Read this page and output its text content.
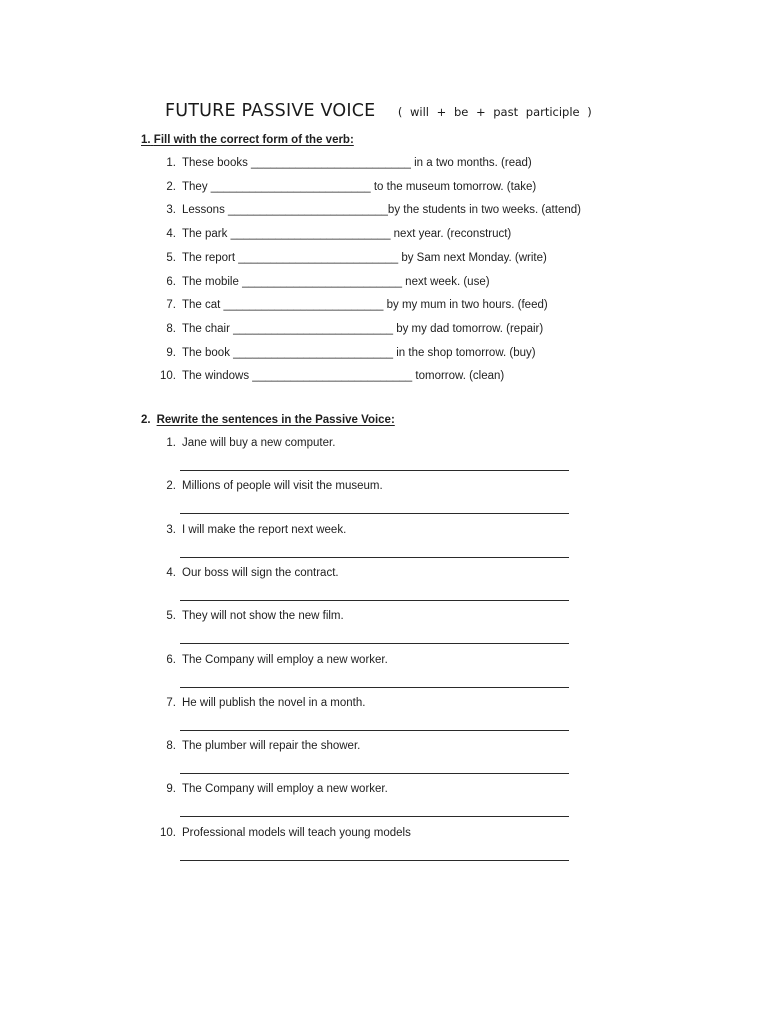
FUTURE PASSIVE VOICE ( will + be + past participle )
1. Fill with the correct form of the verb:
1. These books _________________________ in a two months. (read)
2. They _________________________ to the museum tomorrow. (take)
3. Lessons _________________________by the students in two weeks. (attend)
4. The park _________________________ next year. (reconstruct)
5. The report _________________________ by Sam next Monday. (write)
6. The mobile _________________________ next week. (use)
7. The cat _________________________ by my mum in two hours. (feed)
8. The chair _________________________ by my dad tomorrow. (repair)
9. The book _________________________ in the shop tomorrow. (buy)
10. The windows _________________________ tomorrow. (clean)
2. Rewrite the sentences in the Passive Voice:
1. Jane will buy a new computer.
2. Millions of people will visit the museum.
3. I will make the report next week.
4. Our boss will sign the contract.
5. They will not show the new film.
6. The Company will employ a new worker.
7. He will publish the novel in a month.
8. The plumber will repair the shower.
9. The Company will employ a new worker.
10. Professional models will teach young models
